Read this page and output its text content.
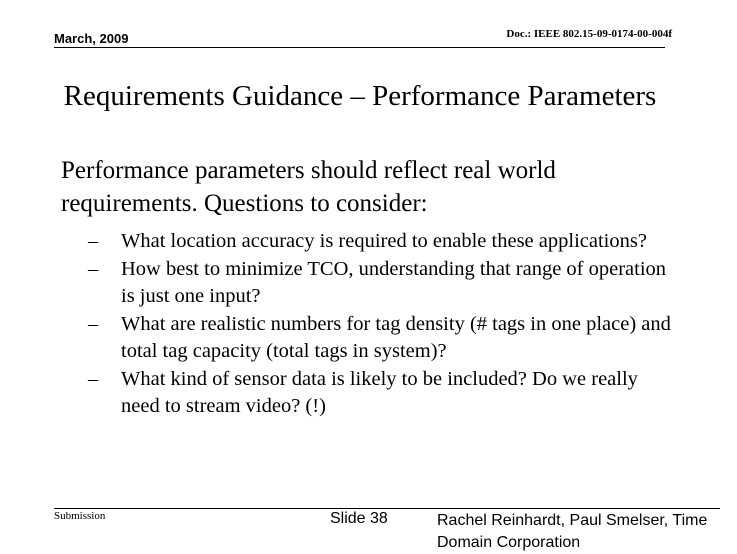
March, 2009	Doc.: IEEE 802.15-09-0174-00-004f
Requirements Guidance – Performance Parameters
Performance parameters should reflect real world requirements. Questions to consider:
– What location accuracy is required to enable these applications?
– How best to minimize TCO, understanding that range of operation is just one input?
– What are realistic numbers for tag density (# tags in one place) and total tag capacity (total tags in system)?
– What kind of sensor data is likely to be included? Do we really need to stream video? (!)
Submission	Slide 38	Rachel Reinhardt, Paul Smelser, Time Domain Corporation
